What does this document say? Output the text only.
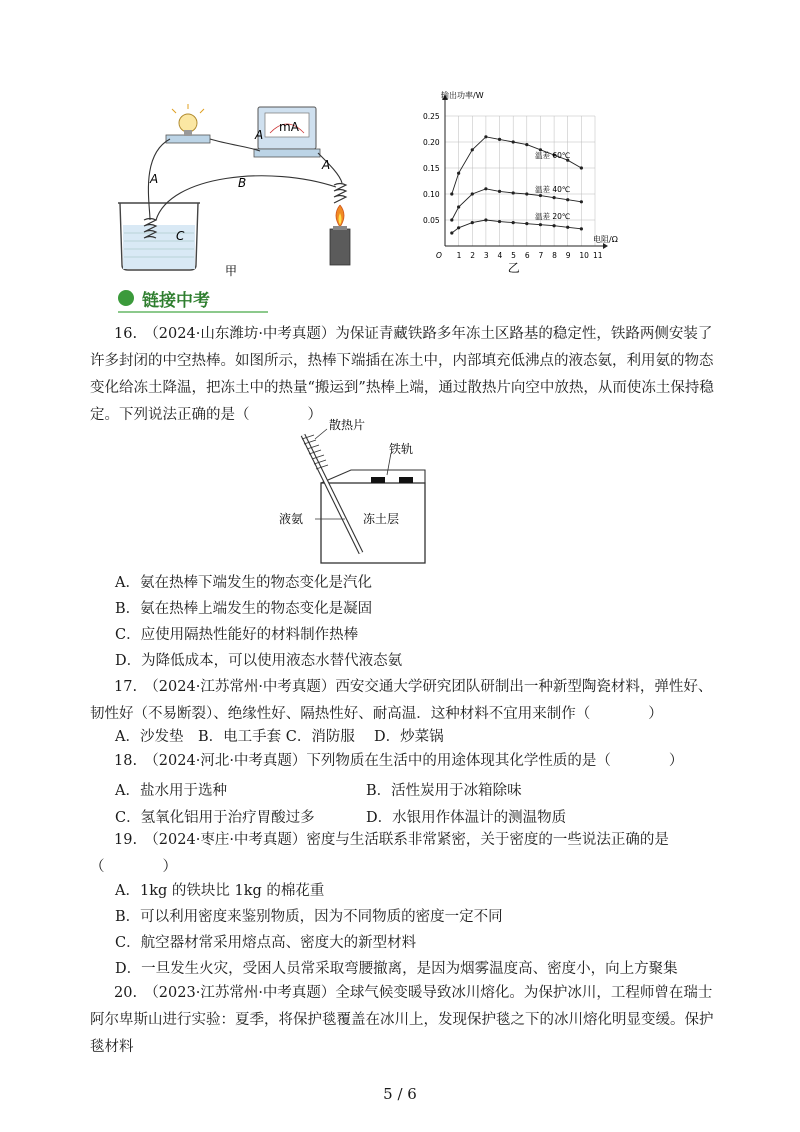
mA
A
A
A	B
C
甲
O 1 2 3 4 5 6 7 8 9 10 11
0.05
0.10
0.15
0.20
0.25
输出功率/W
电阻/Ω
温差 60℃
温差 40℃
温差 20℃
乙
链接中考
16.　（2024·山东潍坊·中考真题）为保证青藏铁路多年冻土区路基的稳定性，铁路两侧安装了许多封闭的中空热棒。如图所示，热棒下端插在冻土中，内部填充低沸点的液态氨，利用氨的物态变化给冻土降温，把冻土中的热量“搬运到”热棒上端，通过散热片向空中放热，从而使冻土保持稳定。下列说法正确的是（　　　　）
散热片
铁轨
液氨	冻土层
A．氨在热棒下端发生的物态变化是汽化
B．氨在热棒上端发生的物态变化是凝固
C．应使用隔热性能好的材料制作热棒
D．为降低成本，可以使用液态水替代液态氨
17.　（2024·江苏常州·中考真题）西安交通大学研究团队研制出一种新型陶瓷材料，弹性好、韧性好（不易断裂）、绝缘性好、隔热性好、耐高温．这种材料不宜用来制作（　　　　）
A．沙发垫　B．电工手套 C．消防服　 D．炒菜锅
18.　（2024·河北·中考真题）下列物质在生活中的用途体现其化学性质的是（　　　　）
A．盐水用于选种	B．活性炭用于冰箱除味
C．氢氧化铝用于治疗胃酸过多	D．水银用作体温计的测温物质
19.　（2024·枣庄·中考真题）密度与生活联系非常紧密，关于密度的一些说法正确的是（　　　　）
A．1kg 的铁块比 1kg 的棉花重
B．可以利用密度来鉴别物质，因为不同物质的密度一定不同
C．航空器材常采用熔点高、密度大的新型材料
D．一旦发生火灾，受困人员常采取弯腰撤离，是因为烟雾温度高、密度小，向上方聚集
20.　（2023·江苏常州·中考真题）全球气候变暖导致冰川熔化。为保护冰川，工程师曾在瑞士阿尔卑斯山进行实验：夏季，将保护毯覆盖在冰川上，发现保护毯之下的冰川熔化明显变缓。保护毯材料
5 / 6
